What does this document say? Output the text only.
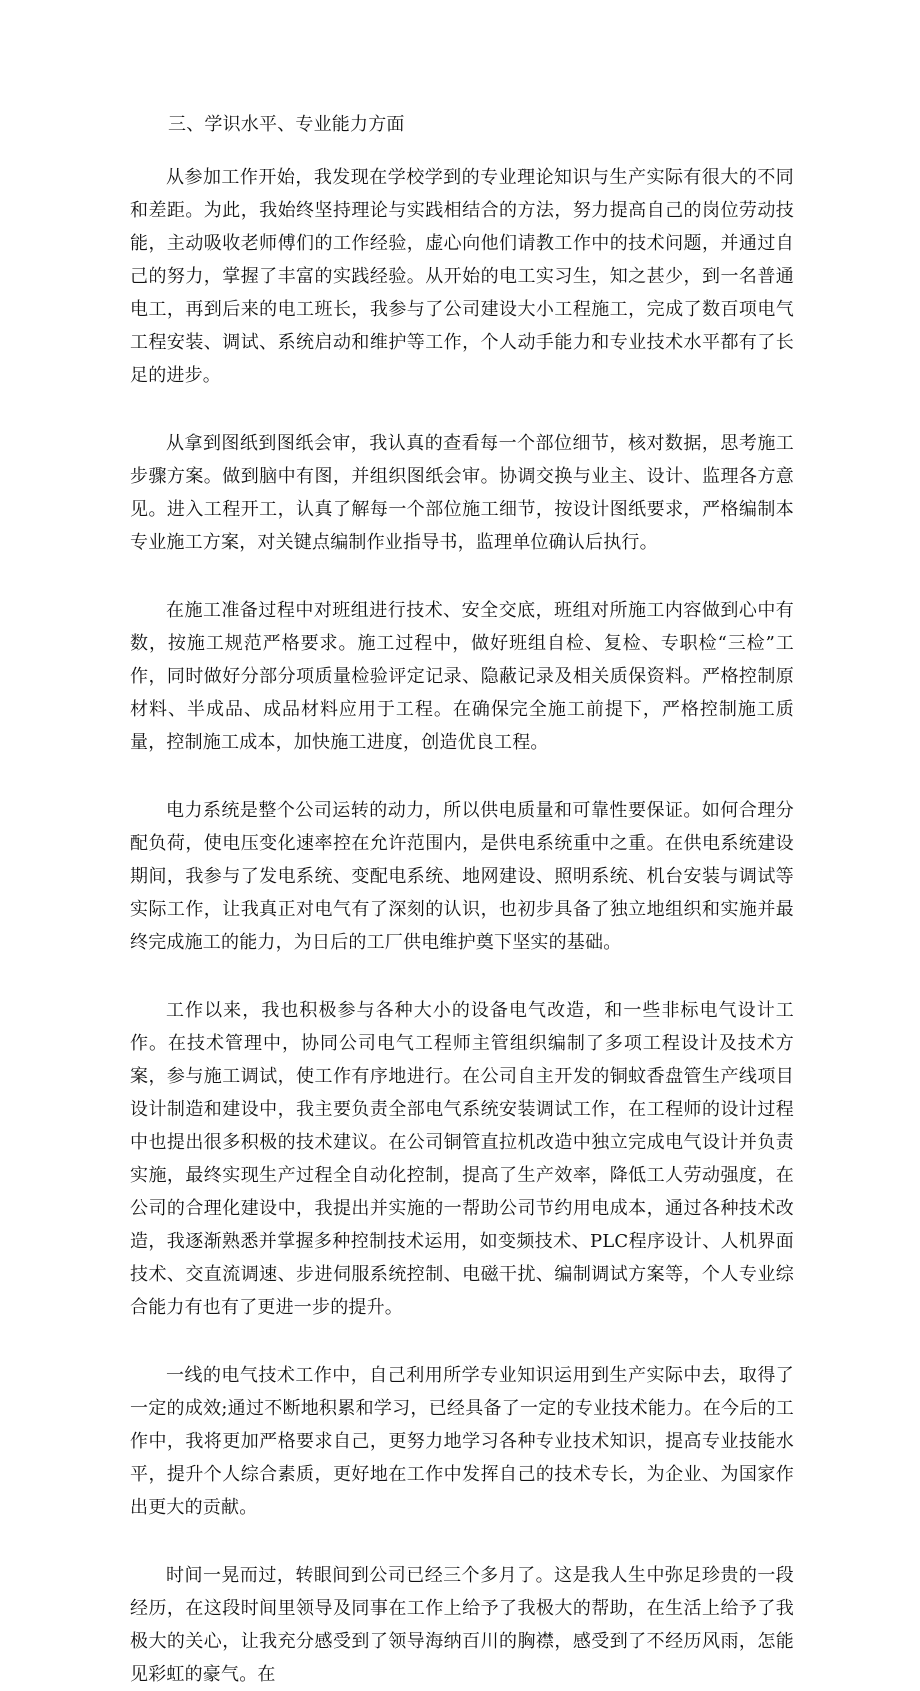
三、学识水平、专业能力方面

从参加工作开始，我发现在学校学到的专业理论知识与生产实际有很大的不同和差距。为此，我始终坚持理论与实践相结合的方法，努力提高自己的岗位劳动技能，主动吸收老师傅们的工作经验，虚心向他们请教工作中的技术问题，并通过自己的努力，掌握了丰富的实践经验。从开始的电工实习生，知之甚少，到一名普通电工，再到后来的电工班长，我参与了公司建设大小工程施工，完成了数百项电气工程安装、调试、系统启动和维护等工作，个人动手能力和专业技术水平都有了长足的进步。

从拿到图纸到图纸会审，我认真的查看每一个部位细节，核对数据，思考施工步骤方案。做到脑中有图，并组织图纸会审。协调交换与业主、设计、监理各方意见。进入工程开工，认真了解每一个部位施工细节，按设计图纸要求，严格编制本专业施工方案，对关键点编制作业指导书，监理单位确认后执行。

在施工准备过程中对班组进行技术、安全交底，班组对所施工内容做到心中有数，按施工规范严格要求。施工过程中，做好班组自检、复检、专职检“三检”工作，同时做好分部分项质量检验评定记录、隐蔽记录及相关质保资料。严格控制原材料、半成品、成品材料应用于工程。在确保完全施工前提下，严格控制施工质量，控制施工成本，加快施工进度，创造优良工程。

电力系统是整个公司运转的动力，所以供电质量和可靠性要保证。如何合理分配负荷，使电压变化速率控在允许范围内，是供电系统重中之重。在供电系统建设期间，我参与了发电系统、变配电系统、地网建设、照明系统、机台安装与调试等实际工作，让我真正对电气有了深刻的认识，也初步具备了独立地组织和实施并最终完成施工的能力，为日后的工厂供电维护奠下坚实的基础。

工作以来，我也积极参与各种大小的设备电气改造，和一些非标电气设计工作。在技术管理中，协同公司电气工程师主管组织编制了多项工程设计及技术方案，参与施工调试，使工作有序地进行。在公司自主开发的铜蚊香盘管生产线项目设计制造和建设中，我主要负责全部电气系统安装调试工作，在工程师的设计过程中也提出很多积极的技术建议。在公司铜管直拉机改造中独立完成电气设计并负责实施，最终实现生产过程全自动化控制，提高了生产效率，降低工人劳动强度，在公司的合理化建设中，我提出并实施的一帮助公司节约用电成本，通过各种技术改造，我逐渐熟悉并掌握多种控制技术运用，如变频技术、PLC程序设计、人机界面技术、交直流调速、步进伺服系统控制、电磁干扰、编制调试方案等，个人专业综合能力有也有了更进一步的提升。

一线的电气技术工作中，自己利用所学专业知识运用到生产实际中去，取得了一定的成效;通过不断地积累和学习，已经具备了一定的专业技术能力。在今后的工作中，我将更加严格要求自己，更努力地学习各种专业技术知识，提高专业技能水平，提升个人综合素质，更好地在工作中发挥自己的技术专长，为企业、为国家作出更大的贡献。

时间一晃而过，转眼间到公司已经三个多月了。这是我人生中弥足珍贵的一段经历，在这段时间里领导及同事在工作上给予了我极大的帮助，在生活上给予了我极大的关心，让我充分感受到了领导海纳百川的胸襟，感受到了不经历风雨，怎能见彩虹的豪气。在
